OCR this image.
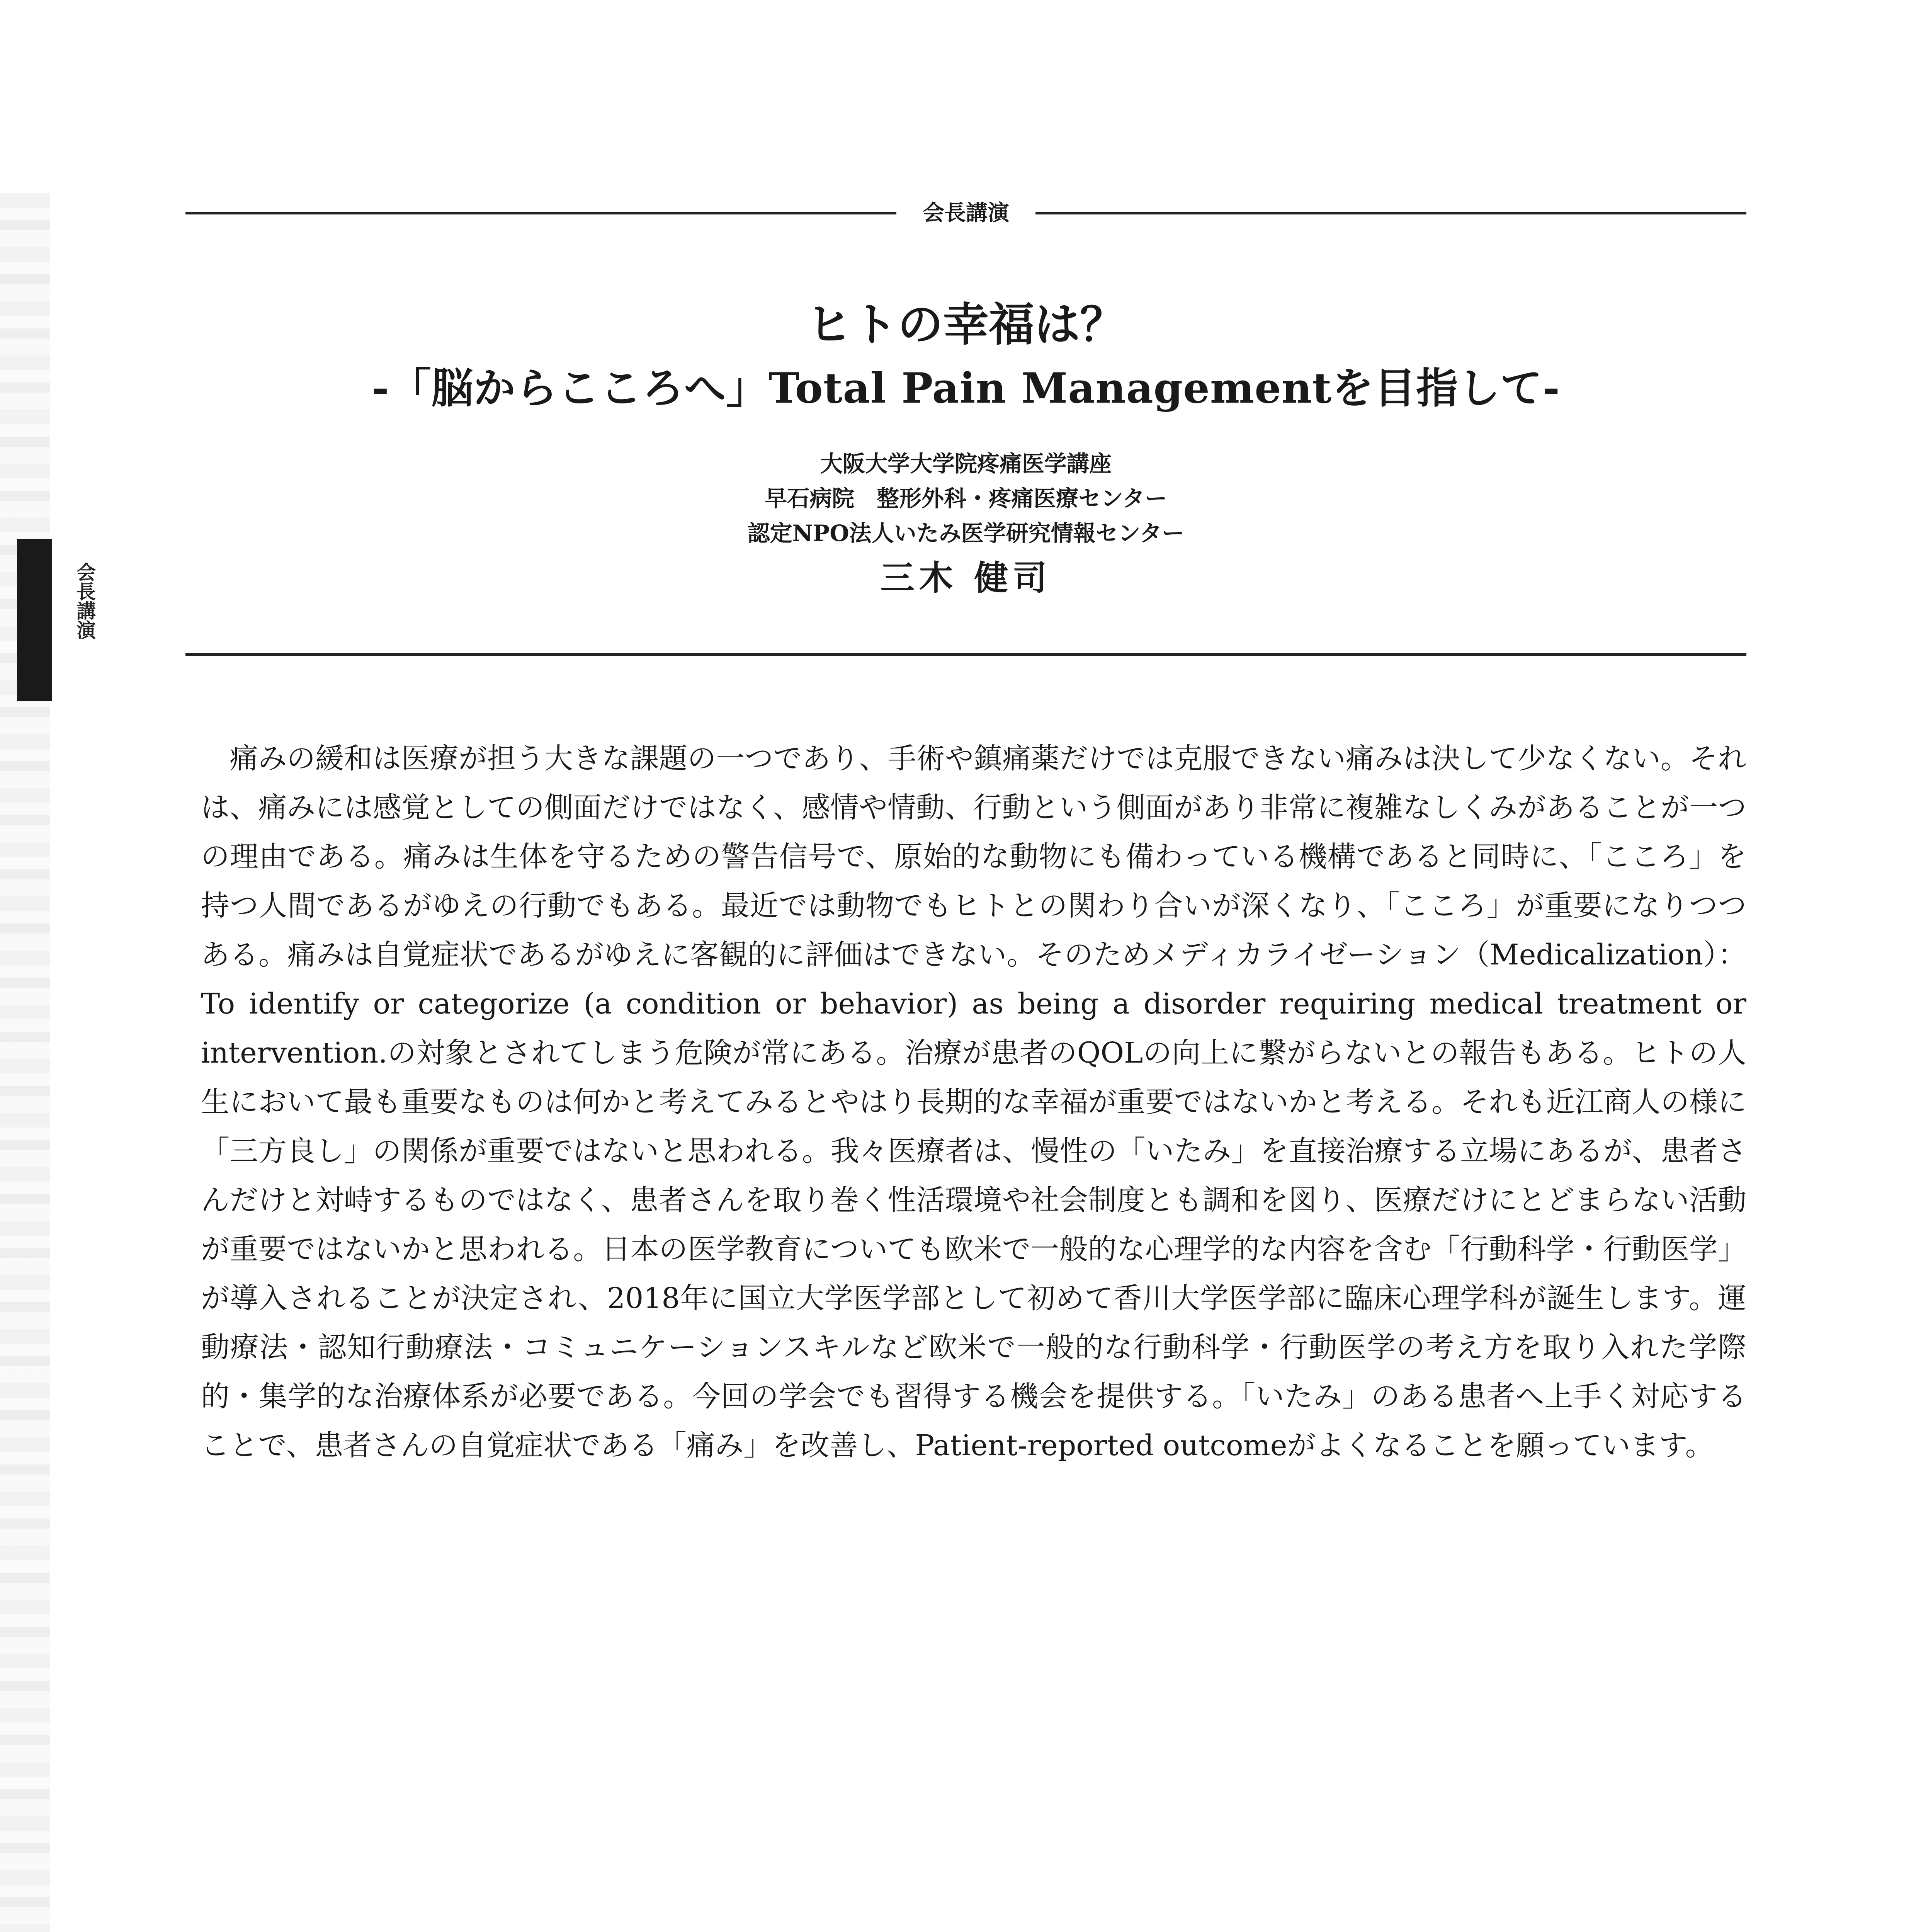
会長講演
会長講演
ヒトの幸福は？
-「脳からこころへ」Total Pain Managementを目指して-
大阪大学大学院疼痛医学講座
早石病院　整形外科・疼痛医療センター
認定NPO法人いたみ医学研究情報センター
三木 健司

痛みの緩和は医療が担う大きな課題の一つであり、手術や鎮痛薬だけでは克服できない痛みは決して少なくない。それは、痛みには感覚としての側面だけではなく、感情や情動、行動という側面があり非常に複雑なしくみがあることが一つの理由である。痛みは生体を守るための警告信号で、原始的な動物にも備わっている機構であると同時に、「こころ」を持つ人間であるがゆえの行動でもある。最近では動物でもヒトとの関わり合いが深くなり、「こころ」が重要になりつつある。痛みは自覚症状であるがゆえに客観的に評価はできない。そのためメディカライゼーション（Medicalization）：To identify or categorize (a condition or behavior) as being a disorder requiring medical treatment or intervention.の対象とされてしまう危険が常にある。治療が患者のQOLの向上に繋がらないとの報告もある。ヒトの人生において最も重要なものは何かと考えてみるとやはり長期的な幸福が重要ではないかと考える。それも近江商人の様に「三方良し」の関係が重要ではないと思われる。我々医療者は、慢性の「いたみ」を直接治療する立場にあるが、患者さんだけと対峙するものではなく、患者さんを取り巻く性活環境や社会制度とも調和を図り、医療だけにとどまらない活動が重要ではないかと思われる。日本の医学教育についても欧米で一般的な心理学的な内容を含む「行動科学・行動医学」が導入されることが決定され、2018年に国立大学医学部として初めて香川大学医学部に臨床心理学科が誕生します。運動療法・認知行動療法・コミュニケーションスキルなど欧米で一般的な行動科学・行動医学の考え方を取り入れた学際的・集学的な治療体系が必要である。今回の学会でも習得する機会を提供する。「いたみ」のある患者へ上手く対応することで、患者さんの自覚症状である「痛み」を改善し、Patient-reported outcomeがよくなることを願っています。
